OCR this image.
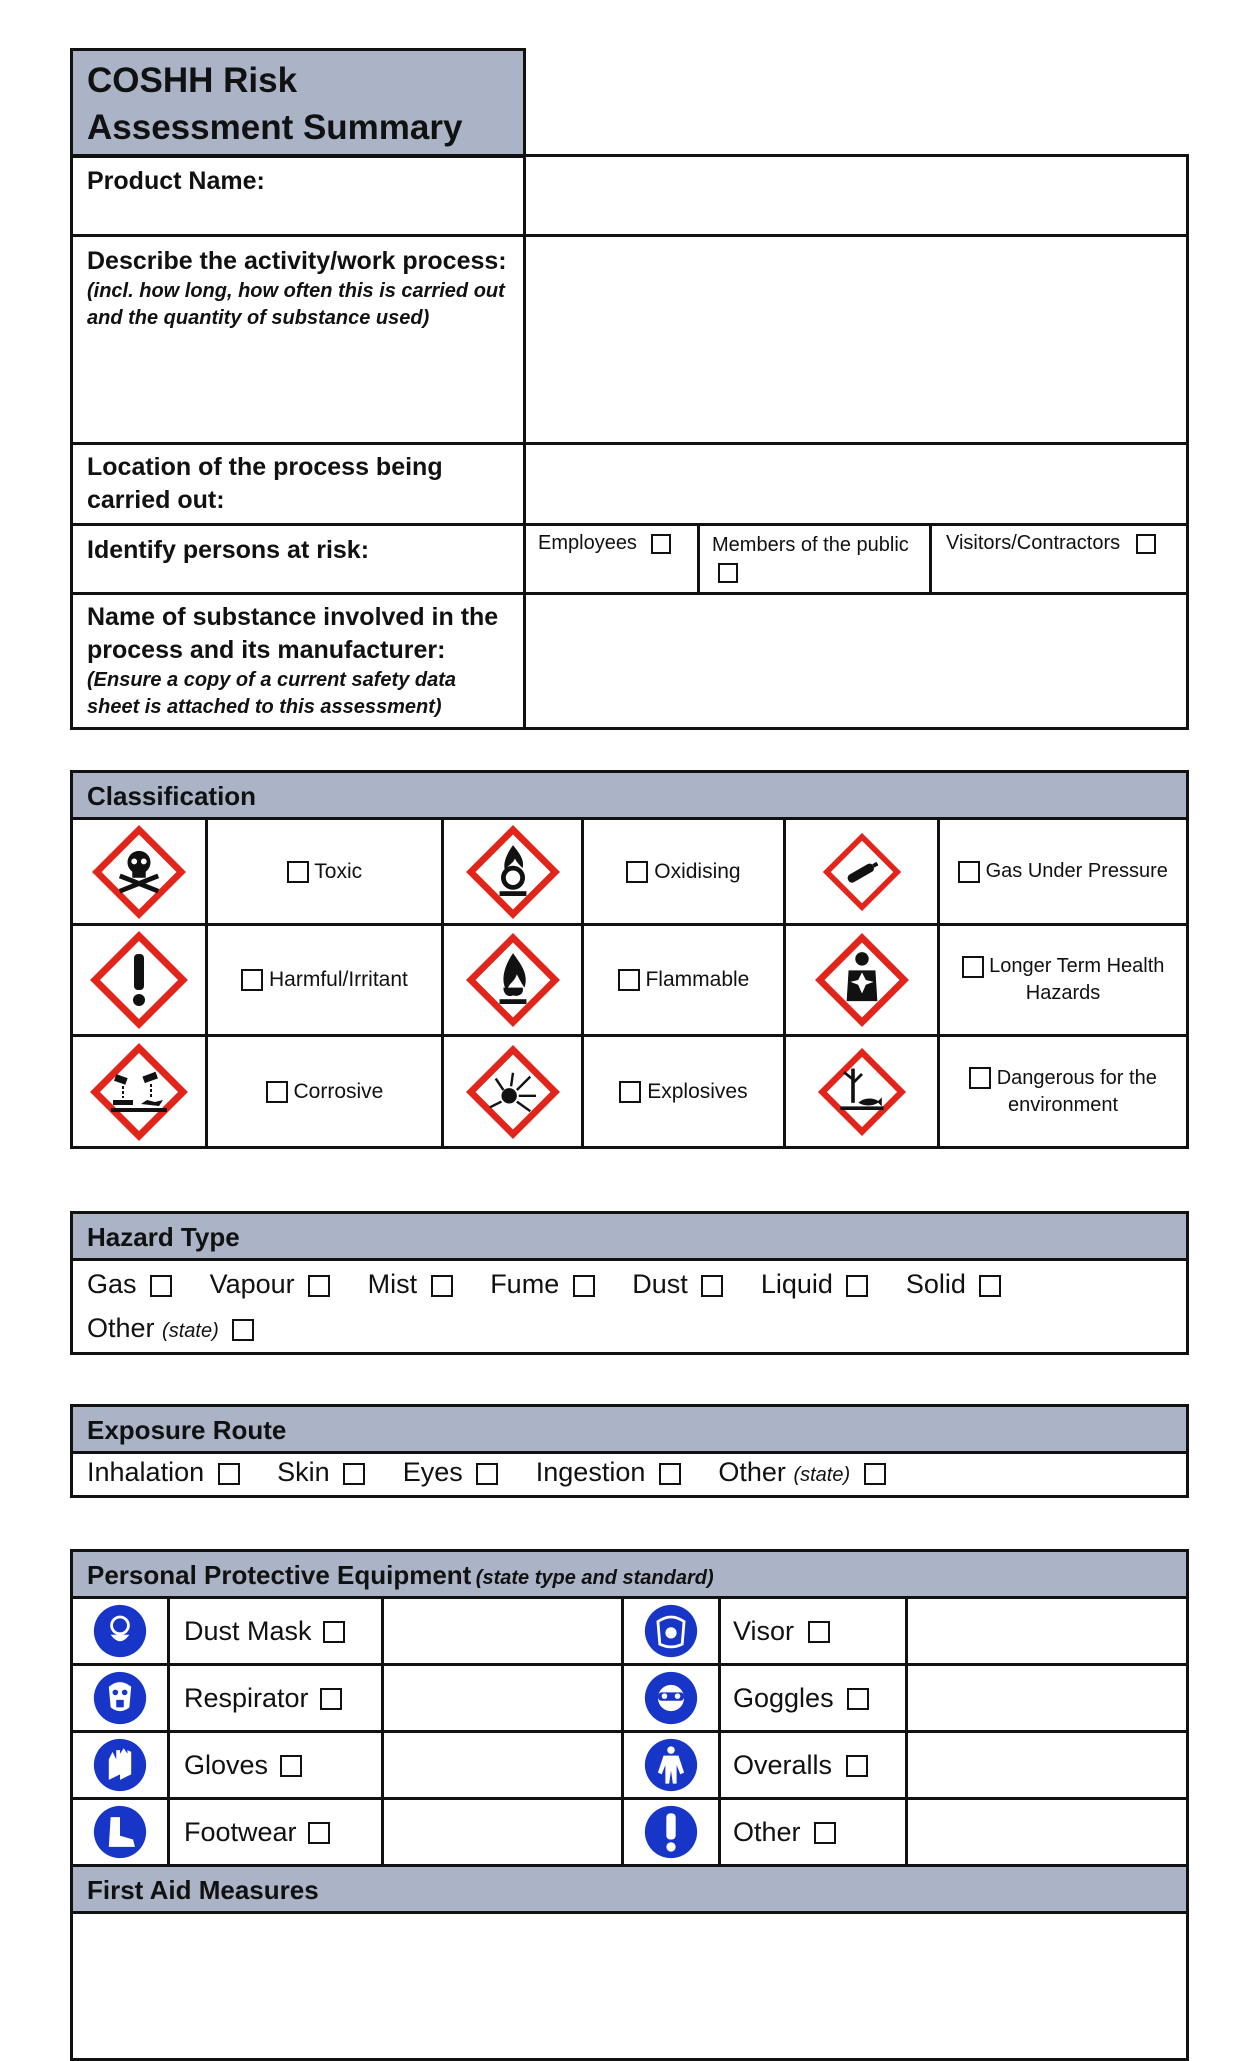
COSHH Risk Assessment Summary
Product Name:			

Describe the activity/work process:
(incl. how long, how often this is carried out and the quantity of substance used)			

Location of the process being carried out:			

Identify persons at risk:	Employees	Members of the public	Visitors/Contractors

Name of substance involved in the process and its manufacturer:
(Ensure a copy of a current safety data sheet is attached to this assessment)			

Classification
	Toxic		Oxidising		Gas Under Pressure

	Harmful/Irritant		Flammable		Longer Term Health Hazards

	Corrosive		Explosives		Dangerous for the environment
Hazard Type
Gas	Vapour	Mist	Fume	Dust	Liquid	Solid
Other (state)
Exposure Route
Inhalation	Skin	Eyes	Ingestion	Other (state)
Personal Protective Equipment (state type and standard)
	Dust Mask			Visor	

	Respirator			Goggles	

	Gloves			Overalls	

	Footwear			Other	
First Aid Measures
